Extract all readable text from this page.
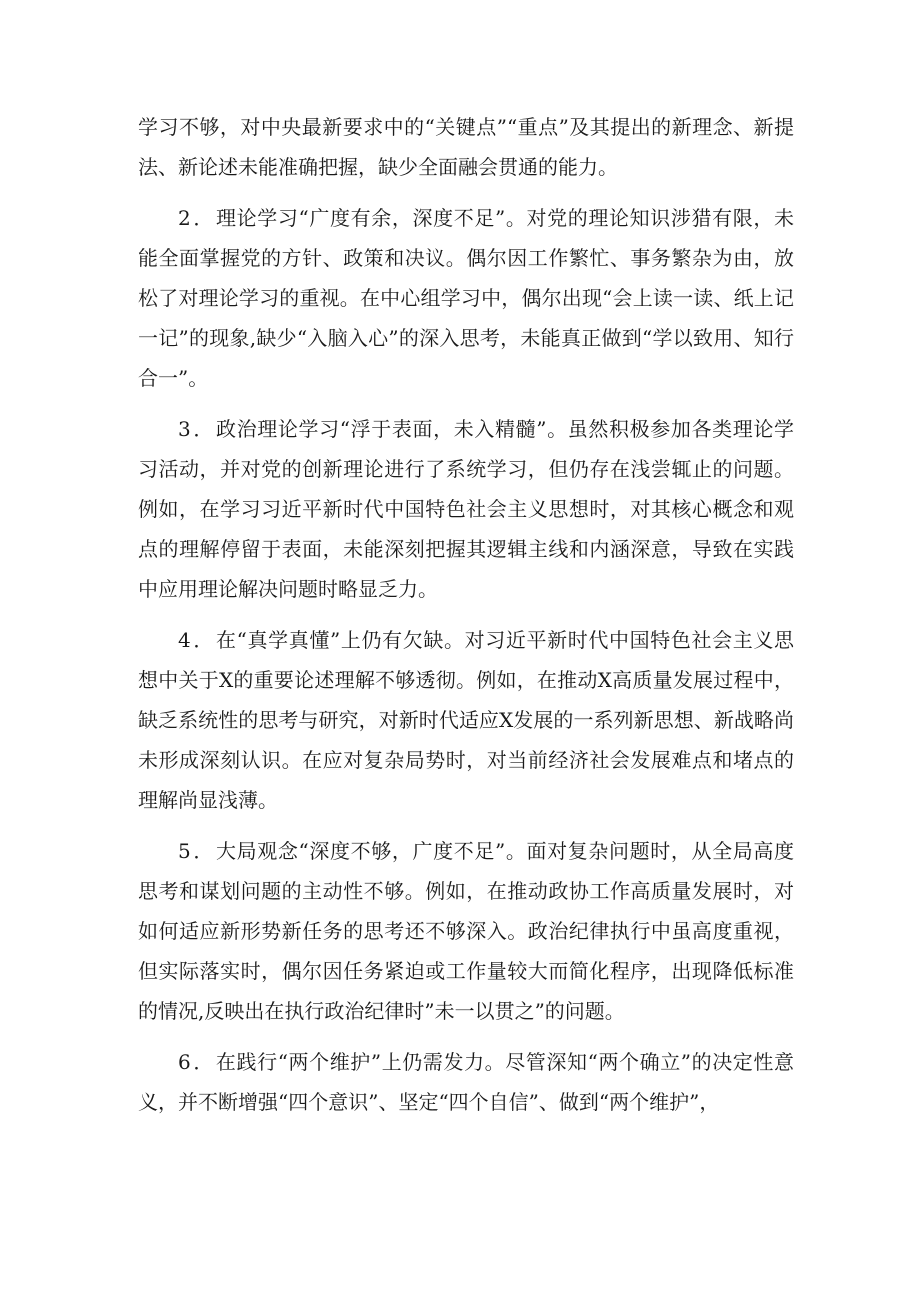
学习不够，对中央最新要求中的“关键点”“重点”及其提出的新理念、新提法、新论述未能准确把握，缺少全面融会贯通的能力。

2．理论学习“广度有余，深度不足”。对党的理论知识涉猎有限，未能全面掌握党的方针、政策和决议。偶尔因工作繁忙、事务繁杂为由，放松了对理论学习的重视。在中心组学习中，偶尔出现“会上读一读、纸上记一记”的现象,缺少“入脑入心”的深入思考，未能真正做到“学以致用、知行合一”。

3．政治理论学习“浮于表面，未入精髓”。虽然积极参加各类理论学习活动，并对党的创新理论进行了系统学习，但仍存在浅尝辄止的问题。例如，在学习习近平新时代中国特色社会主义思想时，对其核心概念和观点的理解停留于表面，未能深刻把握其逻辑主线和内涵深意，导致在实践中应用理论解决问题时略显乏力。

4．在“真学真懂”上仍有欠缺。对习近平新时代中国特色社会主义思想中关于X的重要论述理解不够透彻。例如，在推动X高质量发展过程中，缺乏系统性的思考与研究，对新时代适应X发展的一系列新思想、新战略尚未形成深刻认识。在应对复杂局势时，对当前经济社会发展难点和堵点的理解尚显浅薄。

5．大局观念“深度不够，广度不足”。面对复杂问题时，从全局高度思考和谋划问题的主动性不够。例如，在推动政协工作高质量发展时，对如何适应新形势新任务的思考还不够深入。政治纪律执行中虽高度重视，但实际落实时，偶尔因任务紧迫或工作量较大而简化程序，出现降低标准的情况,反映出在执行政治纪律时”未一以贯之”的问题。

6．在践行“两个维护”上仍需发力。尽管深知“两个确立”的决定性意义，并不断增强“四个意识”、坚定“四个自信”、做到“两个维护”，
